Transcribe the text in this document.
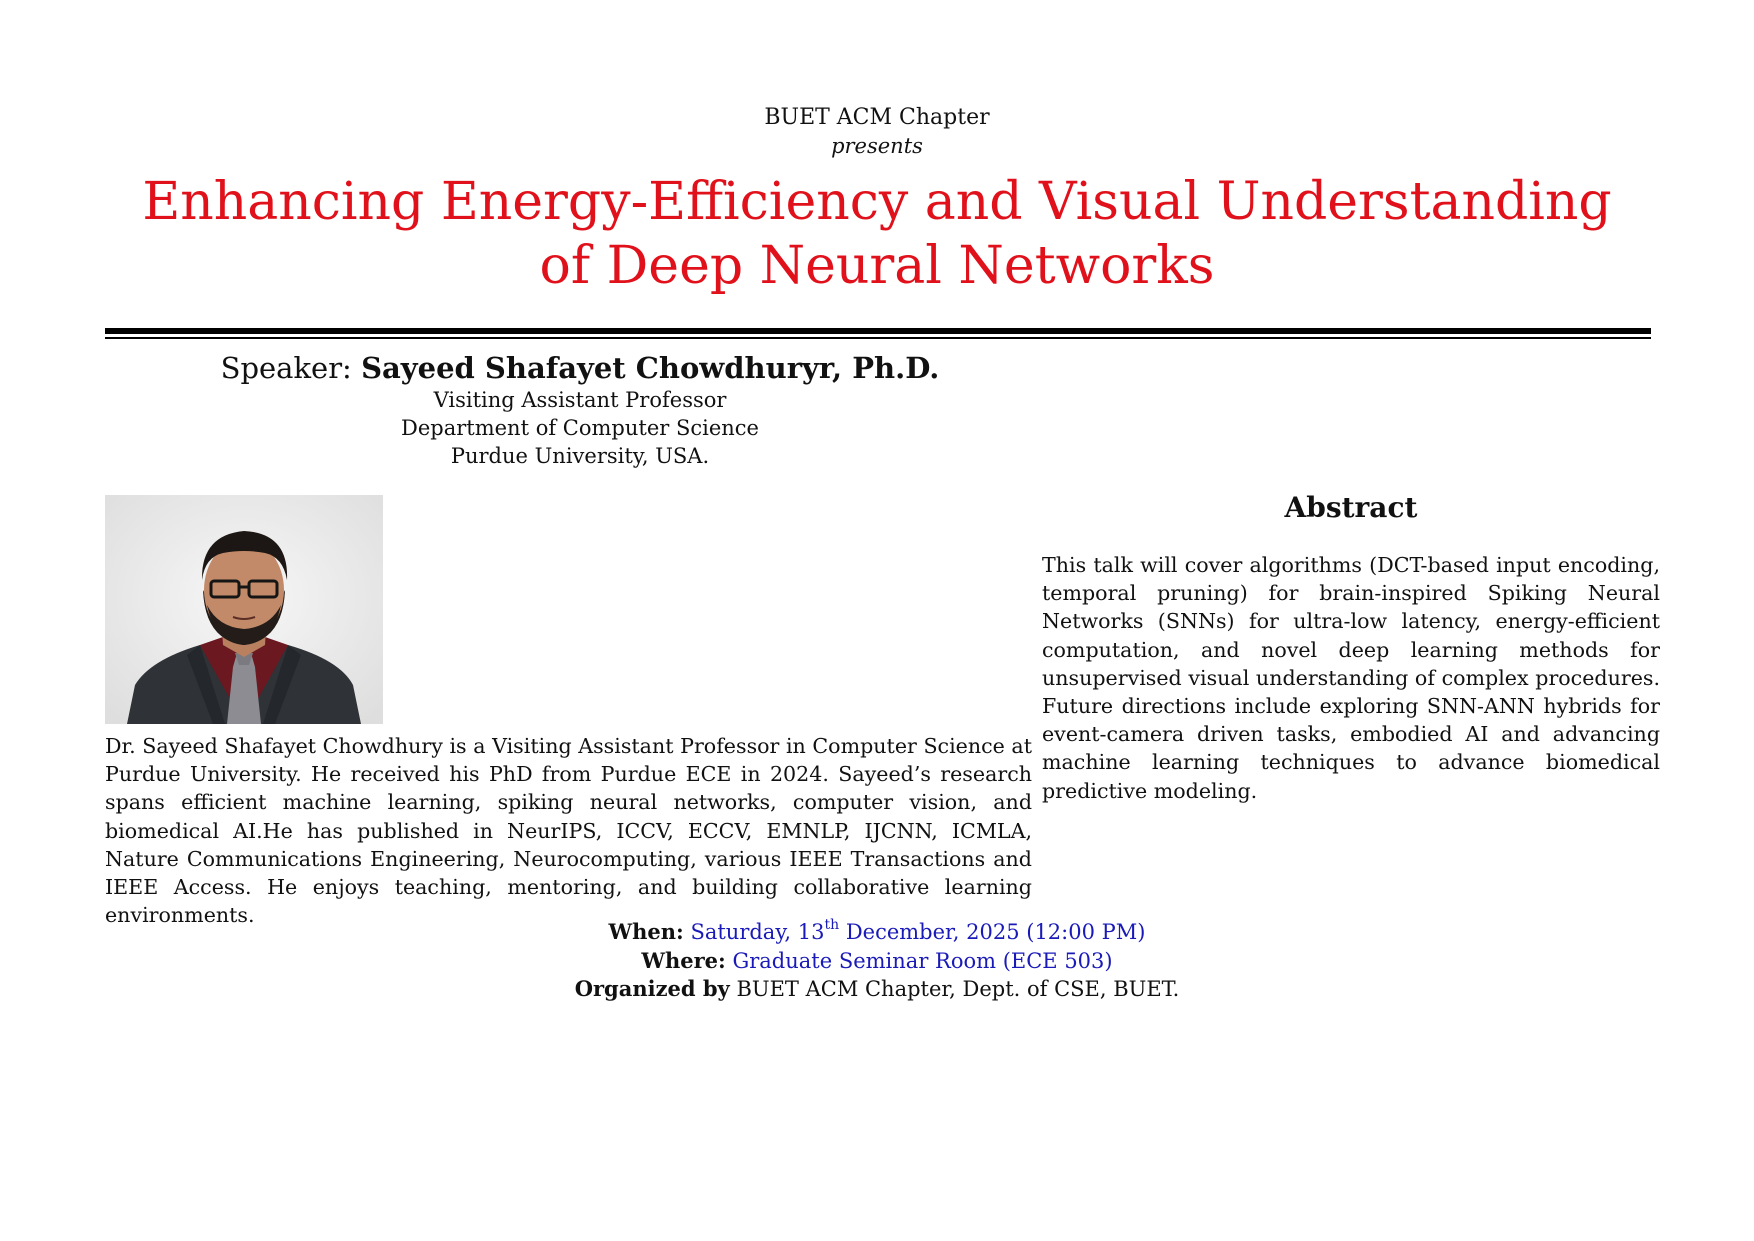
BUET ACM Chapter
presents
Enhancing Energy-Efficiency and Visual Understanding of Deep Neural Networks
Speaker: Sayeed Shafayet Chowdhuryr, Ph.D.
Visiting Assistant Professor
Department of Computer Science
Purdue University, USA.
Dr. Sayeed Shafayet Chowdhury is a Visiting Assistant Professor in Computer Science at Purdue University. He received his PhD from Purdue ECE in 2024. Sayeed’s research spans efficient machine learning, spiking neural networks, computer vision, and biomedical AI.He has published in NeurIPS, ICCV, ECCV, EMNLP, IJCNN, ICMLA, Nature Communications Engineering, Neurocomputing, various IEEE Transactions and IEEE Access. He enjoys teaching, mentoring, and building collaborative learning environments.
Abstract
This talk will cover algorithms (DCT-based input encoding, temporal pruning) for brain-inspired Spiking Neural Networks (SNNs) for ultra-low latency, energy-efficient computation, and novel deep learning methods for unsupervised visual understanding of complex procedures. Future directions include exploring SNN-ANN hybrids for event-camera driven tasks, embodied AI and advancing machine learning techniques to advance biomedical predictive modeling.
When: Saturday, 13th December, 2025 (12:00 PM)
Where: Graduate Seminar Room (ECE 503)
Organized by BUET ACM Chapter, Dept. of CSE, BUET.
